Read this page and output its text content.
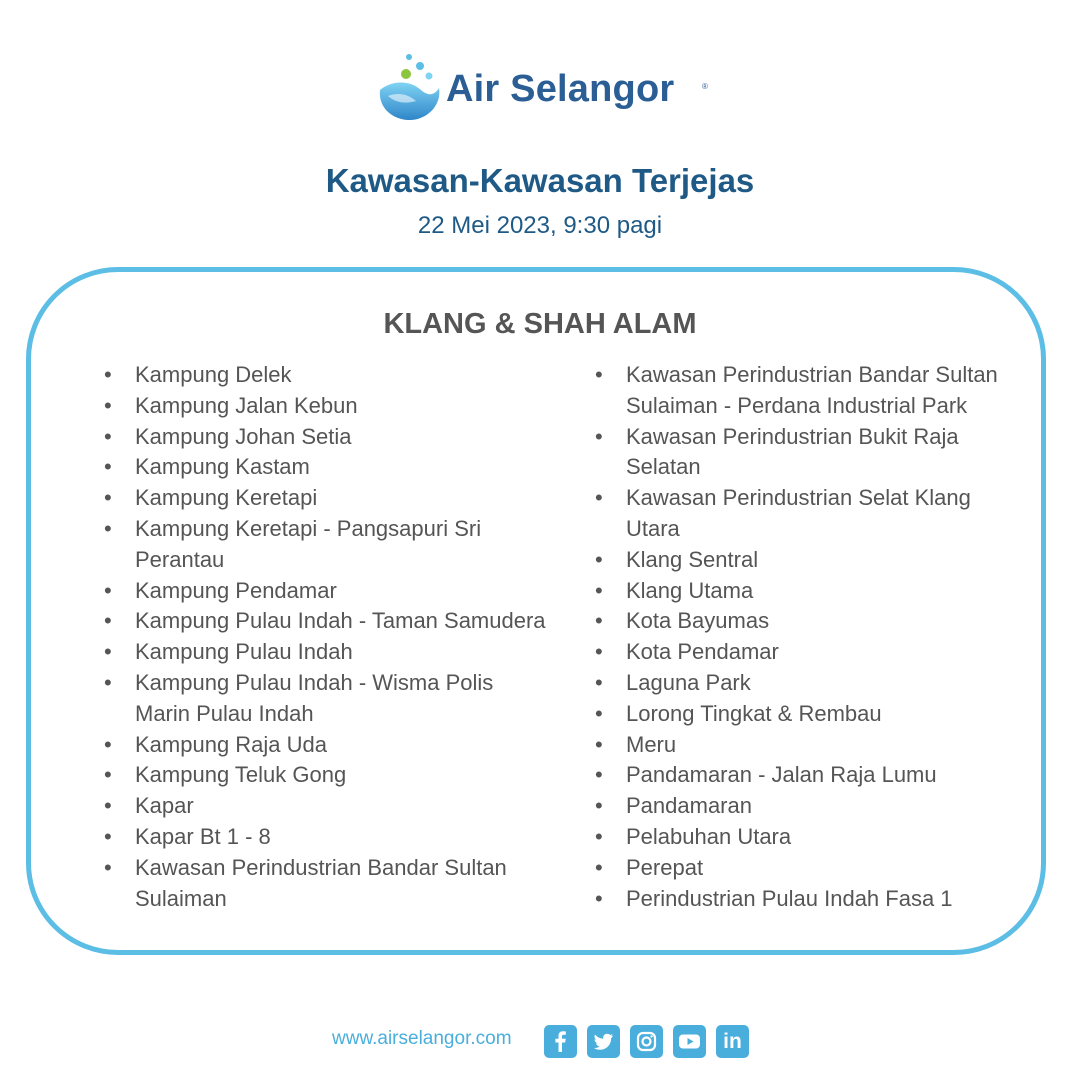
Air Selangor	®
Kawasan-Kawasan Terjejas
22 Mei 2023, 9:30 pagi
KLANG & SHAH ALAM
• Kampung Delek
• Kampung Jalan Kebun
• Kampung Johan Setia
• Kampung Kastam
• Kampung Keretapi
• Kampung Keretapi - Pangsapuri Sri Perantau
• Kampung Pendamar
• Kampung Pulau Indah - Taman Samudera
• Kampung Pulau Indah
• Kampung Pulau Indah - Wisma Polis Marin Pulau Indah
• Kampung Raja Uda
• Kampung Teluk Gong
• Kapar
• Kapar Bt 1 - 8
• Kawasan Perindustrian Bandar Sultan Sulaiman
• Kawasan Perindustrian Bandar Sultan Sulaiman - Perdana Industrial Park
• Kawasan Perindustrian Bukit Raja Selatan
• Kawasan Perindustrian Selat Klang Utara
• Klang Sentral
• Klang Utama
• Kota Bayumas
• Kota Pendamar
• Laguna Park
• Lorong Tingkat & Rembau
• Meru
• Pandamaran - Jalan Raja Lumu
• Pandamaran
• Pelabuhan Utara
• Perepat
• Perindustrian Pulau Indah Fasa 1
www.airselangor.com	in
